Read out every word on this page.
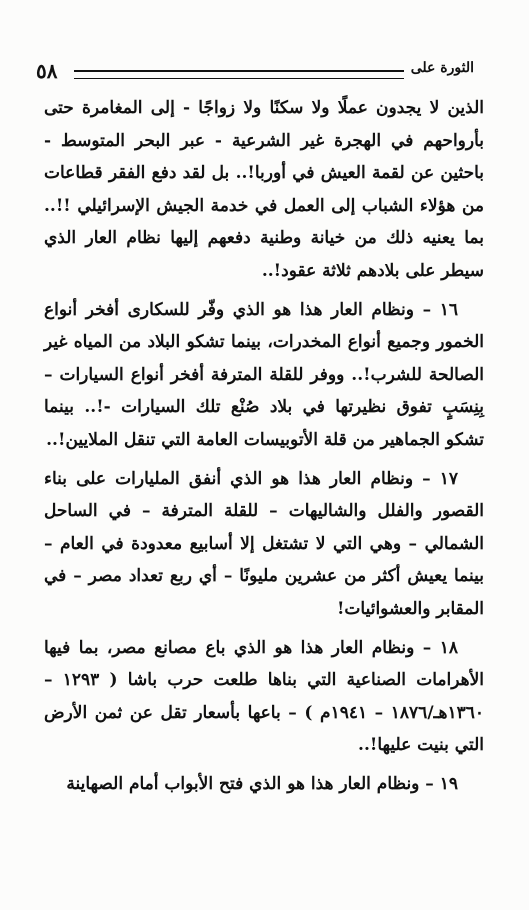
٥٨	الثورة على

الذين لا يجدون عملًا ولا سكنًا ولا زواجًا - إلى المغامرة حتى بأرواحهم في الهجرة غير الشرعية - عبر البحر المتوسط - باحثين عن لقمة العيش في أوربا!.. بل لقد دفع الفقر قطاعات من هؤلاء الشباب إلى العمل في خدمة الجيش الإسرائيلي !!.. بما يعنيه ذلك من خيانة وطنية دفعهم إليها نظام العار الذي سيطر على بلادهم ثلاثة عقود!..

١٦ – ونظام العار هذا هو الذي وفّر للسكارى أفخر أنواع الخمور وجميع أنواع المخدرات، بينما تشكو البلاد من المياه غير الصالحة للشرب!.. ووفر للقلة المترفة أفخر أنواع السيارات – بِنِسَبٍ تفوق نظيرتها في بلاد صُنْع تلك السيارات -!.. بينما تشكو الجماهير من قلة الأتوبيسات العامة التي تنقل الملايين!..

١٧ – ونظام العار هذا هو الذي أنفق المليارات على بناء القصور والفلل والشاليهات – للقلة المترفة – في الساحل الشمالي – وهي التي لا تشتغل إلا أسابيع معدودة في العام – بينما يعيش أكثر من عشرين مليونًا – أي ربع تعداد مصر – في المقابر والعشوائيات!

١٨ – ونظام العار هذا هو الذي باع مصانع مصر، بما فيها الأهرامات الصناعية التي بناها طلعت حرب باشا ( ١٢٩٣ – ١٣٦٠هـ/١٨٧٦ – ١٩٤١م ) – باعها بأسعار تقل عن ثمن الأرض التي بنيت عليها!..

١٩ – ونظام العار هذا هو الذي فتح الأبواب أمام الصهاينة
